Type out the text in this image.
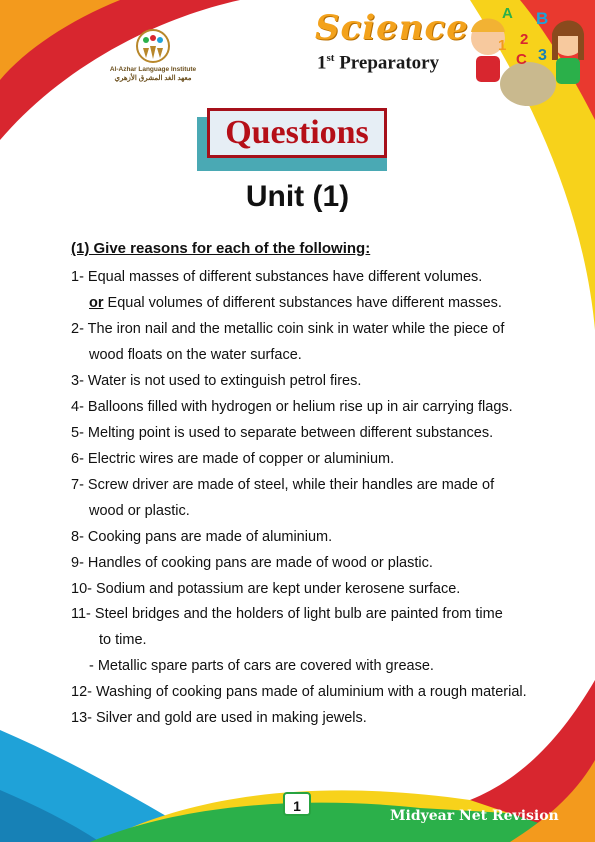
A B
2
1
C 3
Al-Azhar Language Institute
معهد الغد المشرق الأزهري
Science
1st Preparatory
Questions
Unit (1)
(1) Give reasons for each of the following:
1- Equal masses of different substances have different volumes.
or Equal volumes of different substances have different masses.
2- The iron nail and the metallic coin sink in water while the piece of
wood floats on the water surface.
3- Water is not used to extinguish petrol fires.
4- Balloons filled with hydrogen or helium rise up in air carrying flags.
5- Melting point is used to separate between different substances.
6- Electric wires are made of copper or aluminium.
7- Screw driver are made of steel, while their handles are made of
wood or plastic.
8- Cooking pans are made of aluminium.
9- Handles of cooking pans are made of wood or plastic.
10- Sodium and potassium are kept under kerosene surface.
11- Steel bridges and the holders of light bulb are painted from time
to time.
- Metallic spare parts of cars are covered with grease.
12- Washing of cooking pans made of aluminium with a rough material.
13- Silver and gold are used in making jewels.
1
Midyear Net Revision
